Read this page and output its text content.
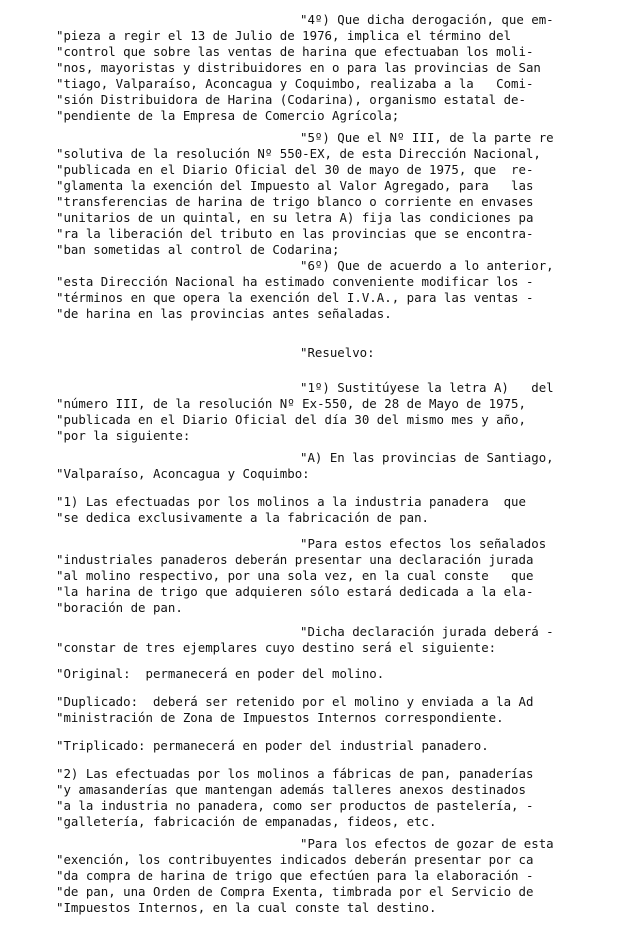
"4º) Que dicha derogación, que em-
"pieza a regir el 13 de Julio de 1976, implica el término del
"control que sobre las ventas de harina que efectuaban los moli-
"nos, mayoristas y distribuidores en o para las provincias de San
"tiago, Valparaíso, Aconcagua y Coquimbo, realizaba a la   Comi-
"sión Distribuidora de Harina (Codarina), organismo estatal de-
"pendiente de la Empresa de Comercio Agrícola;
"5º) Que el Nº III, de la parte re
"solutiva de la resolución Nº 550-EX, de esta Dirección Nacional,
"publicada en el Diario Oficial del 30 de mayo de 1975, que  re-
"glamenta la exención del Impuesto al Valor Agregado, para   las
"transferencias de harina de trigo blanco o corriente en envases
"unitarios de un quintal, en su letra A) fija las condiciones pa
"ra la liberación del tributo en las provincias que se encontra-
"ban sometidas al control de Codarina;
"6º) Que de acuerdo a lo anterior,
"esta Dirección Nacional ha estimado conveniente modificar los -
"términos en que opera la exención del I.V.A., para las ventas -
"de harina en las provincias antes señaladas.
"Resuelvo:
"1º) Sustitúyese la letra A)   del
"número III, de la resolución Nº Ex-550, de 28 de Mayo de 1975,
"publicada en el Diario Oficial del día 30 del mismo mes y año,
"por la siguiente:
"A) En las provincias de Santiago,
"Valparaíso, Aconcagua y Coquimbo:
"1) Las efectuadas por los molinos a la industria panadera  que
"se dedica exclusivamente a la fabricación de pan.
"Para estos efectos los señalados
"industriales panaderos deberán presentar una declaración jurada
"al molino respectivo, por una sola vez, en la cual conste   que
"la harina de trigo que adquieren sólo estará dedicada a la ela-
"boración de pan.
"Dicha declaración jurada deberá -
"constar de tres ejemplares cuyo destino será el siguiente:
"Original:  permanecerá en poder del molino.
"Duplicado:  deberá ser retenido por el molino y enviada a la Ad
"ministración de Zona de Impuestos Internos correspondiente.
"Triplicado: permanecerá en poder del industrial panadero.
"2) Las efectuadas por los molinos a fábricas de pan, panaderías
"y amasanderías que mantengan además talleres anexos destinados
"a la industria no panadera, como ser productos de pastelería, -
"galletería, fabricación de empanadas, fideos, etc.
"Para los efectos de gozar de esta
"exención, los contribuyentes indicados deberán presentar por ca
"da compra de harina de trigo que efectúen para la elaboración -
"de pan, una Orden de Compra Exenta, timbrada por el Servicio de
"Impuestos Internos, en la cual conste tal destino.
